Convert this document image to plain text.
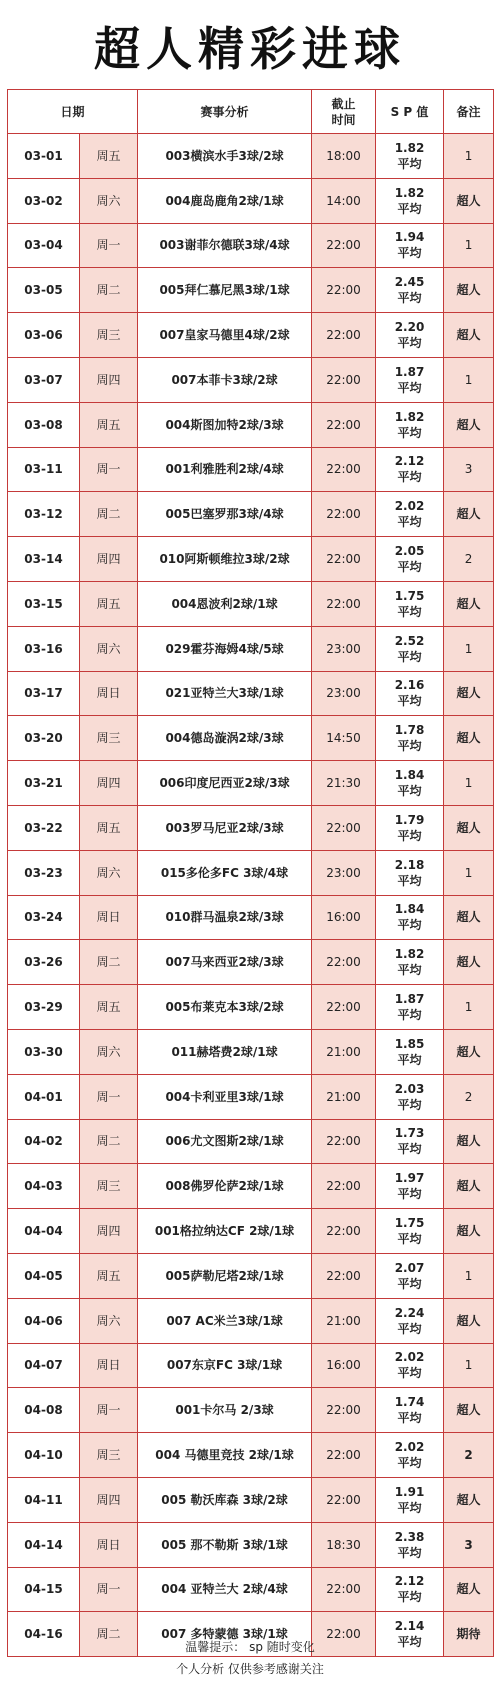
超人精彩进球
日期		赛事分析	截止
时间	S P 值	备注
03-01	周五	003横滨水手3球/2球	18:00	1.82
平均	1
03-02	周六	004鹿岛鹿角2球/1球	14:00	1.82
平均	超人
03-04	周一	003谢菲尔德联3球/4球	22:00	1.94
平均	1
03-05	周二	005拜仁慕尼黑3球/1球	22:00	2.45
平均	超人
03-06	周三	007皇家马德里4球/2球	22:00	2.20
平均	超人
03-07	周四	007本菲卡3球/2球	22:00	1.87
平均	1
03-08	周五	004斯图加特2球/3球	22:00	1.82
平均	超人
03-11	周一	001利雅胜利2球/4球	22:00	2.12
平均	3
03-12	周二	005巴塞罗那3球/4球	22:00	2.02
平均	超人
03-14	周四	010阿斯顿维拉3球/2球	22:00	2.05
平均	2
03-15	周五	004恩波利2球/1球	22:00	1.75
平均	超人
03-16	周六	029霍芬海姆4球/5球	23:00	2.52
平均	1
03-17	周日	021亚特兰大3球/1球	23:00	2.16
平均	超人
03-20	周三	004德岛漩涡2球/3球	14:50	1.78
平均	超人
03-21	周四	006印度尼西亚2球/3球	21:30	1.84
平均	1
03-22	周五	003罗马尼亚2球/3球	22:00	1.79
平均	超人
03-23	周六	015多伦多FC 3球/4球	23:00	2.18
平均	1
03-24	周日	010群马温泉2球/3球	16:00	1.84
平均	超人
03-26	周二	007马来西亚2球/3球	22:00	1.82
平均	超人
03-29	周五	005布莱克本3球/2球	22:00	1.87
平均	1
03-30	周六	011赫塔费2球/1球	21:00	1.85
平均	超人
04-01	周一	004卡利亚里3球/1球	21:00	2.03
平均	2
04-02	周二	006尤文图斯2球/1球	22:00	1.73
平均	超人
04-03	周三	008佛罗伦萨2球/1球	22:00	1.97
平均	超人
04-04	周四	001格拉纳达CF 2球/1球	22:00	1.75
平均	超人
04-05	周五	005萨勒尼塔2球/1球	22:00	2.07
平均	1
04-06	周六	007 AC米兰3球/1球	21:00	2.24
平均	超人
04-07	周日	007东京FC 3球/1球	16:00	2.02
平均	1
04-08	周一	001卡尔马 2/3球	22:00	1.74
平均	超人
04-10	周三	004 马德里竞技 2球/1球	22:00	2.02
平均	2
04-11	周四	005 勒沃库森 3球/2球	22:00	1.91
平均	超人
04-14	周日	005 那不勒斯 3球/1球	18:30	2.38
平均	3
04-15	周一	004 亚特兰大 2球/4球	22:00	2.12
平均	超人
04-16	周二	007 多特蒙德 3球/1球	22:00	2.14
平均	期待
温馨提示： sp 随时变化
个人分析 仅供参考感谢关注
